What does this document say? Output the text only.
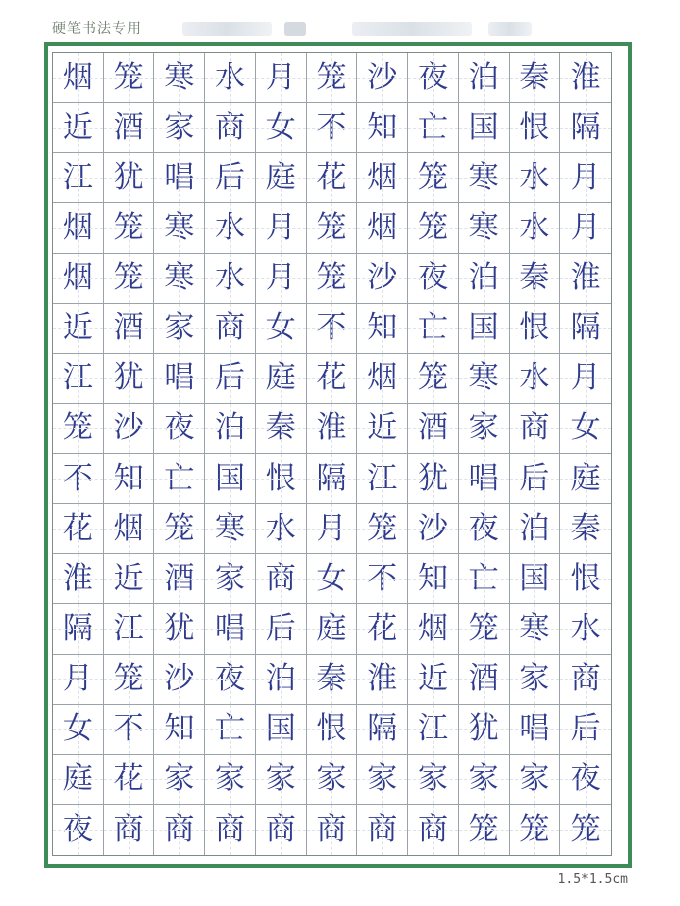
硬笔书法专用
烟 笼 寒 水 月 笼 沙 夜 泊 秦 淮
近 酒 家 商 女 不 知 亡 国 恨 隔
江 犹 唱 后 庭 花 烟 笼 寒 水 月
烟 笼 寒 水 月 笼 烟 笼 寒 水 月
烟 笼 寒 水 月 笼 沙 夜 泊 秦 淮
近 酒 家 商 女 不 知 亡 国 恨 隔
江 犹 唱 后 庭 花 烟 笼 寒 水 月
笼 沙 夜 泊 秦 淮 近 酒 家 商 女
不 知 亡 国 恨 隔 江 犹 唱 后 庭
花 烟 笼 寒 水 月 笼 沙 夜 泊 秦
淮 近 酒 家 商 女 不 知 亡 国 恨
隔 江 犹 唱 后 庭 花 烟 笼 寒 水
月 笼 沙 夜 泊 秦 淮 近 酒 家 商
女 不 知 亡 国 恨 隔 江 犹 唱 后
庭 花 家 家 家 家 家 家 家 家 夜
夜 商 商 商 商 商 商 商 笼 笼 笼
1.5*1.5cm
